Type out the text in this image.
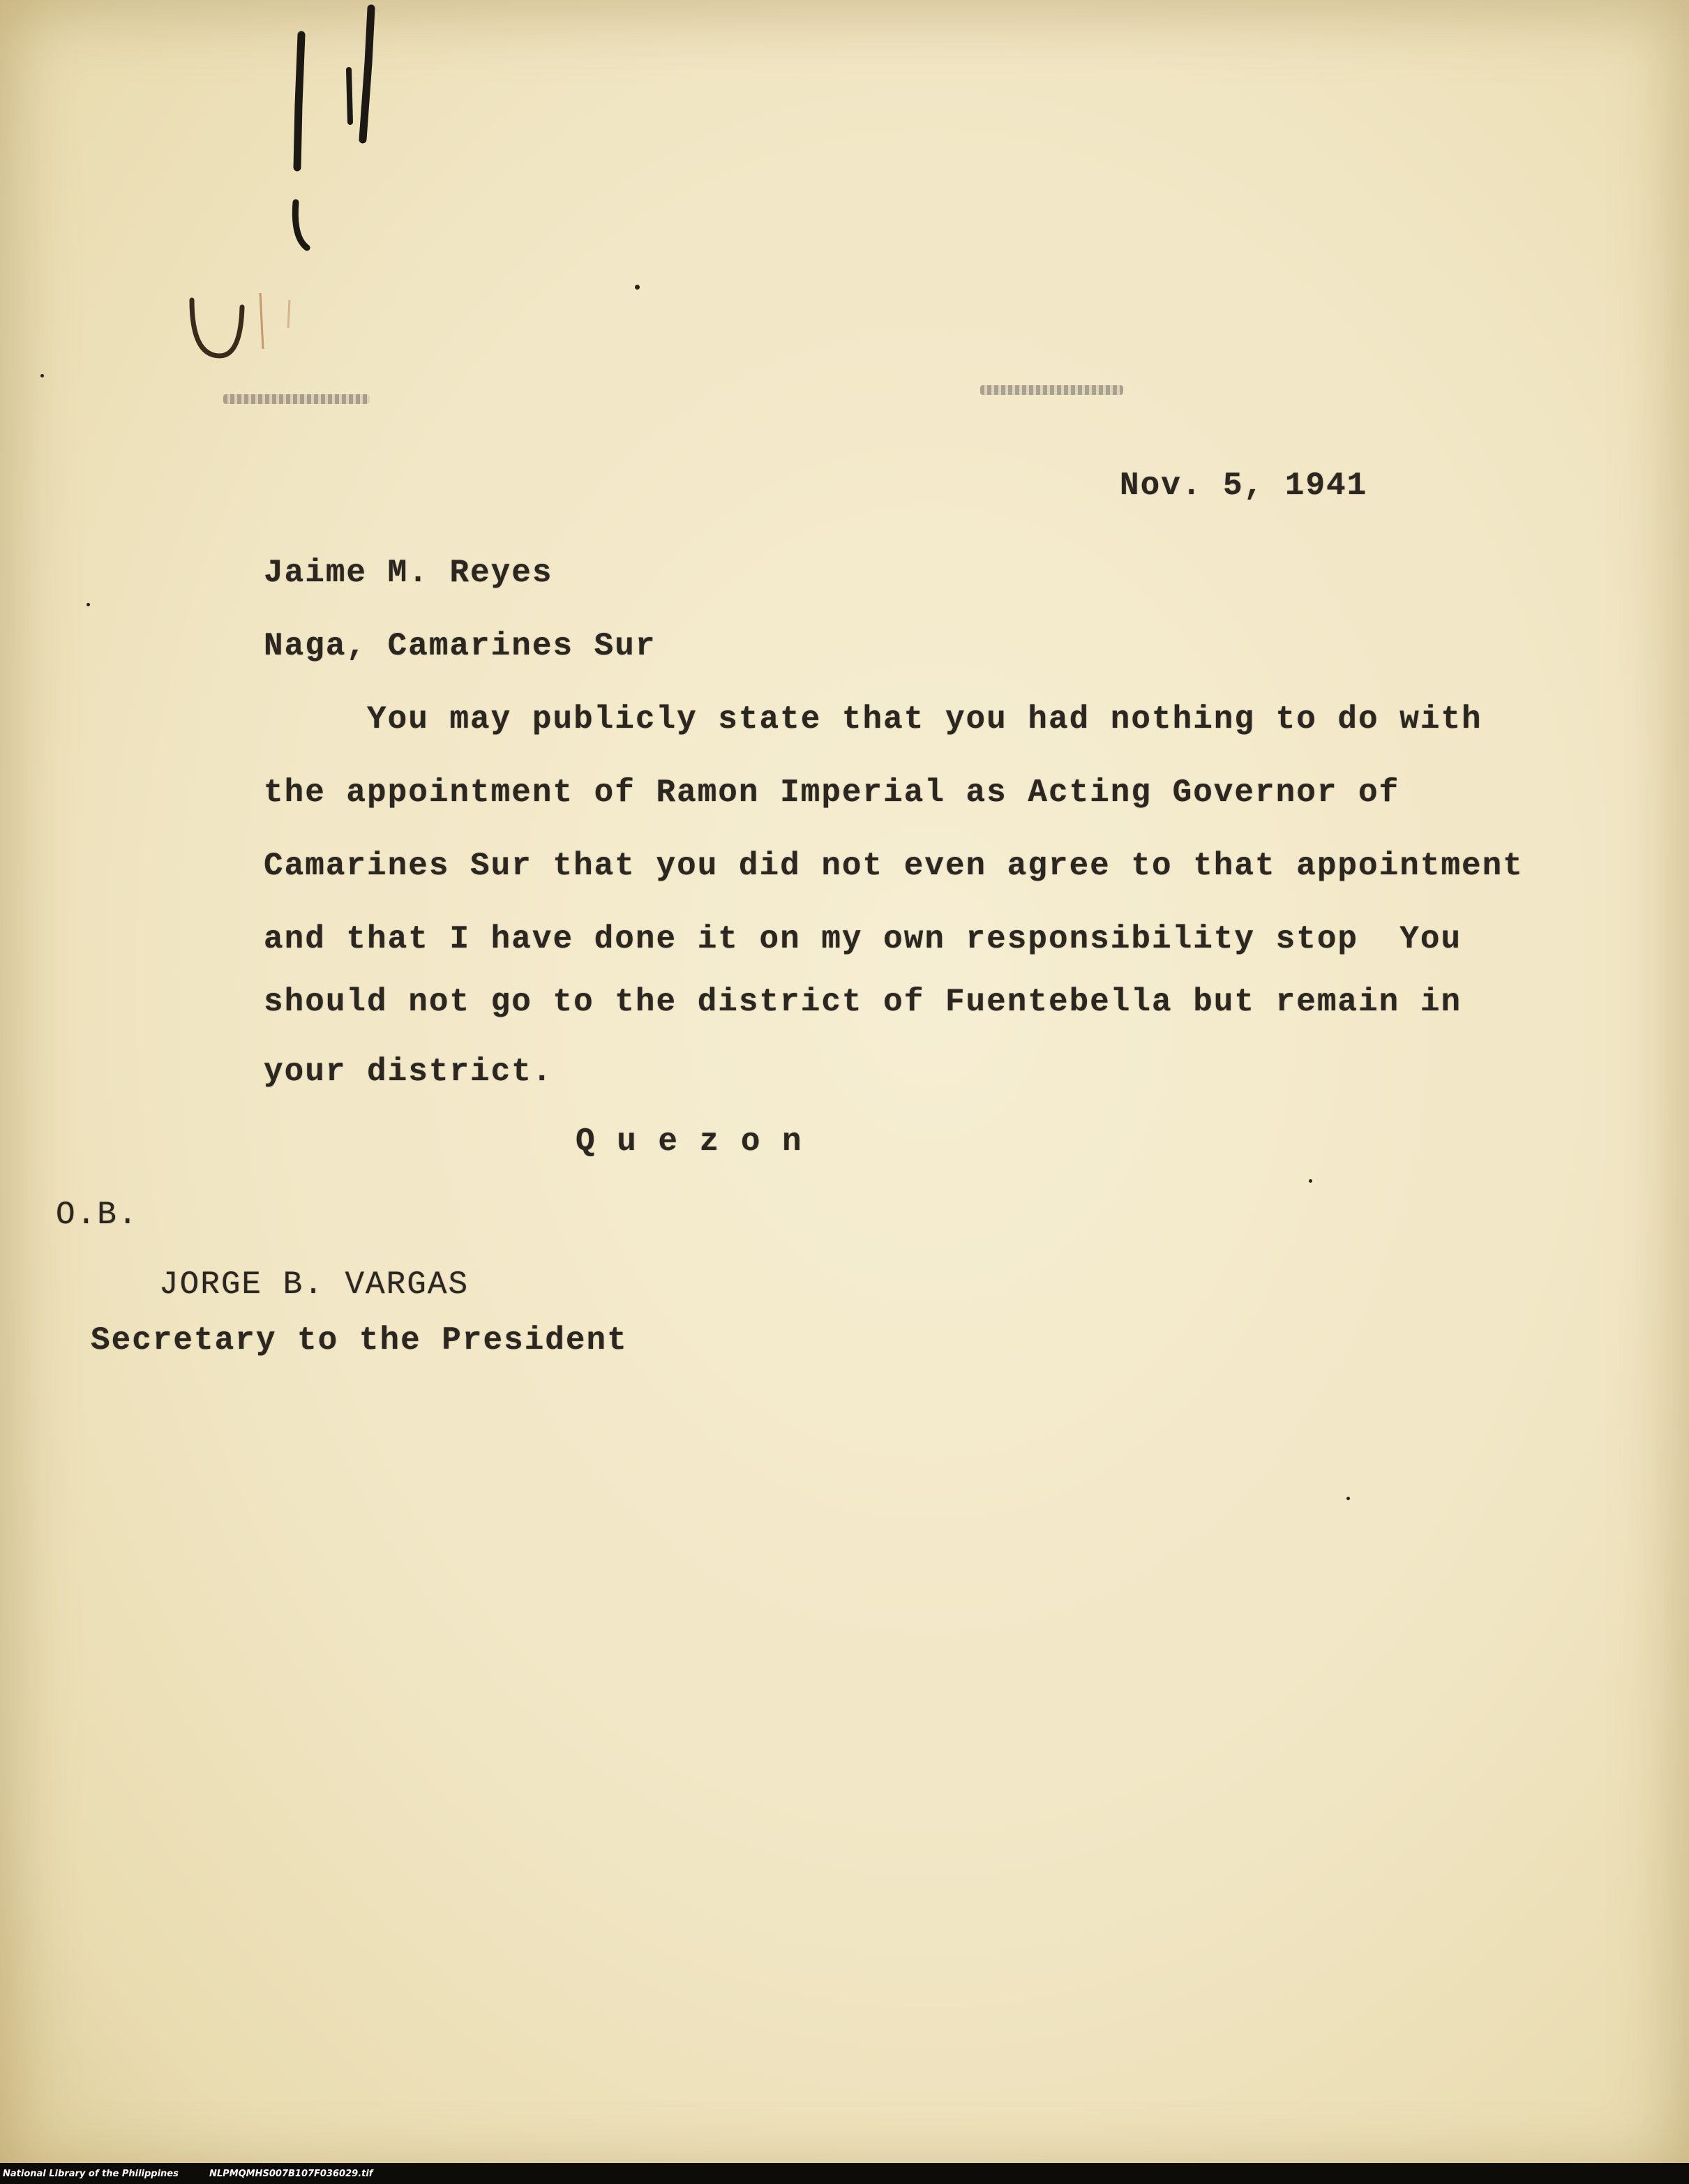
Nov. 5, 1941
Jaime M. Reyes
Naga, Camarines Sur
You may publicly state that you had nothing to do with
the appointment of Ramon Imperial as Acting Governor of
Camarines Sur that you did not even agree to that appointment
and that I have done it on my own responsibility stop  You
should not go to the district of Fuentebella but remain in
your district.
Q u e z o n
O.B.
JORGE B. VARGAS
Secretary to the President
National Library of the Philippines	NLPMQMHS007B107F036029.tif
